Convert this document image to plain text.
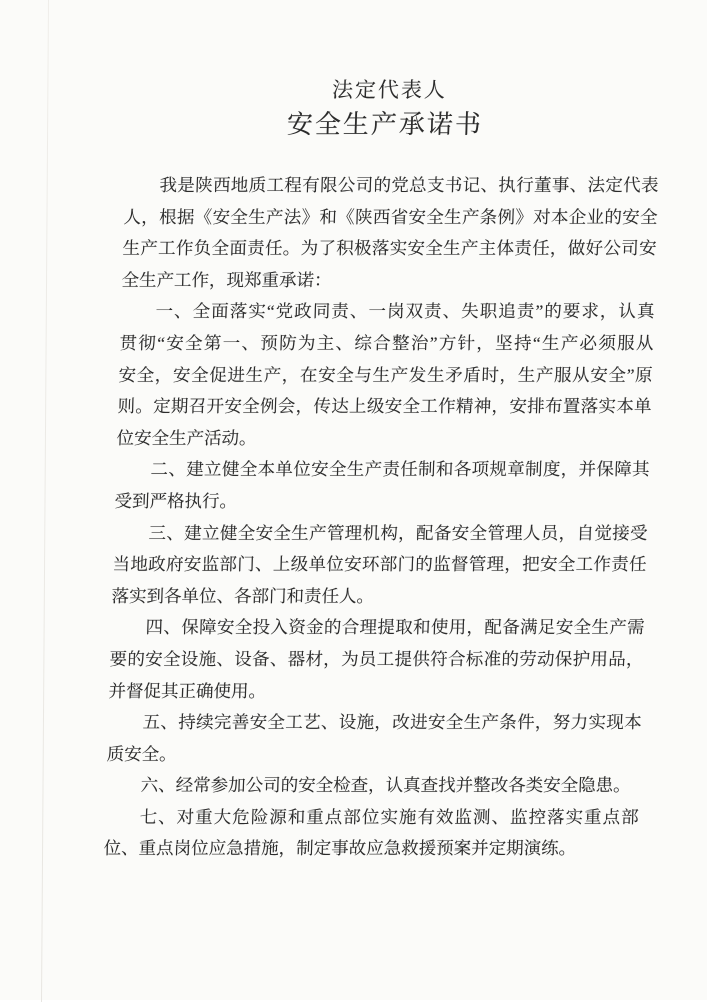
法定代表人
安全生产承诺书
我是陕西地质工程有限公司的党总支书记、执行董事、法定代表
人，根据《安全生产法》和《陕西省安全生产条例》对本企业的安全
生产工作负全面责任。为了积极落实安全生产主体责任，做好公司安
全生产工作，现郑重承诺：
一、全面落实“党政同责、一岗双责、失职追责”的要求，认真
贯彻“安全第一、预防为主、综合整治”方针，坚持“生产必须服从
安全，安全促进生产，在安全与生产发生矛盾时，生产服从安全”原
则。定期召开安全例会，传达上级安全工作精神，安排布置落实本单
位安全生产活动。
二、建立健全本单位安全生产责任制和各项规章制度，并保障其
受到严格执行。
三、建立健全安全生产管理机构，配备安全管理人员，自觉接受
当地政府安监部门、上级单位安环部门的监督管理，把安全工作责任
落实到各单位、各部门和责任人。
四、保障安全投入资金的合理提取和使用，配备满足安全生产需
要的安全设施、设备、器材，为员工提供符合标准的劳动保护用品，
并督促其正确使用。
五、持续完善安全工艺、设施，改进安全生产条件，努力实现本
质安全。
六、经常参加公司的安全检查，认真查找并整改各类安全隐患。
七、对重大危险源和重点部位实施有效监测、监控落实重点部
位、重点岗位应急措施，制定事故应急救援预案并定期演练。
